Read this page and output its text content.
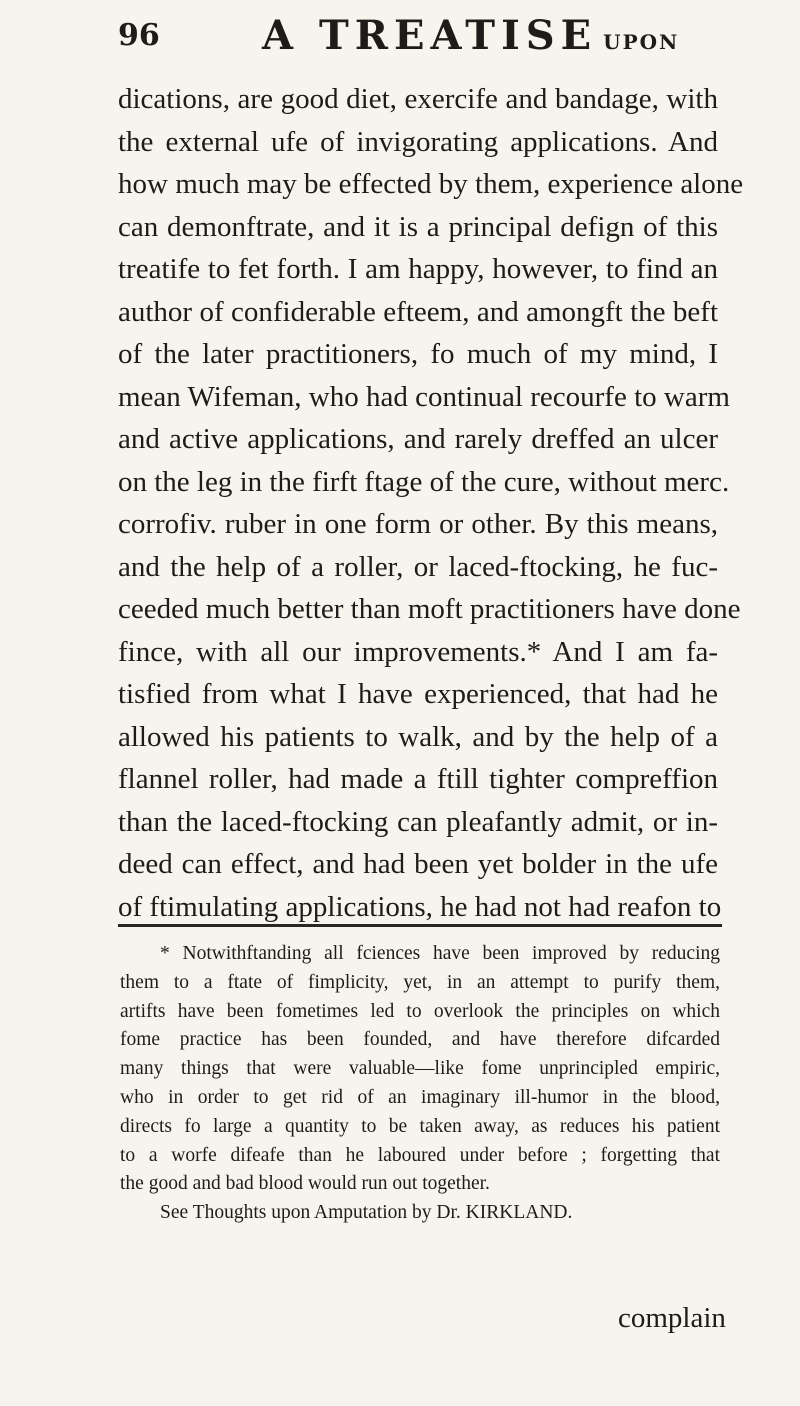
96	A TREATISE UPON
dications, are good diet, exercife and bandage, with
the external ufe of invigorating applications. And
how much may be effected by them, experience alone
can demonftrate, and it is a principal defign of this
treatife to fet forth. I am happy, however, to find an
author of confiderable efteem, and amongft the beft
of the later practitioners, fo much of my mind, I
mean Wifeman, who had continual recourfe to warm
and active applications, and rarely dreffed an ulcer
on the leg in the firft ftage of the cure, without merc.
corrofiv. ruber in one form or other. By this means,
and the help of a roller, or laced-ftocking, he fuc-
ceeded much better than moft practitioners have done
fince, with all our improvements.* And I am fa-
tisfied from what I have experienced, that had he
allowed his patients to walk, and by the help of a
flannel roller, had made a ftill tighter compreffion
than the laced-ftocking can pleafantly admit, or in-
deed can effect, and had been yet bolder in the ufe
of ftimulating applications, he had not had reafon to
* Notwithftanding all fciences have been improved by reducing
them to a ftate of fimplicity, yet, in an attempt to purify them,
artifts have been fometimes led to overlook the principles on which
fome practice has been founded, and have therefore difcarded
many things that were valuable—like fome unprincipled empiric,
who in order to get rid of an imaginary ill-humor in the blood,
directs fo large a quantity to be taken away, as reduces his patient
to a worfe difeafe than he laboured under before ; forgetting that
the good and bad blood would run out together.
See Thoughts upon Amputation by Dr. KIRKLAND.
complain
